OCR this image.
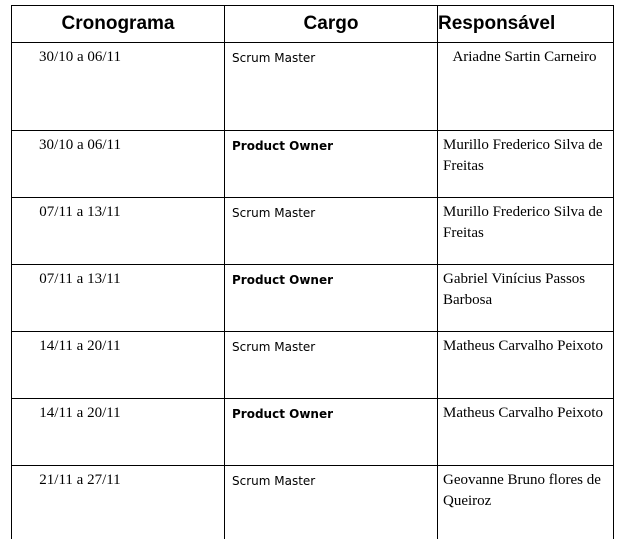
Cronograma	Cargo	Responsável
30/10 a 06/11	Scrum Master	Ariadne Sartin Carneiro
30/10 a 06/11	Product Owner	Murillo Frederico Silva de Freitas
07/11 a 13/11	Scrum Master	Murillo Frederico Silva de Freitas
07/11 a 13/11	Product Owner	Gabriel Vinícius Passos Barbosa
14/11 a 20/11	Scrum Master	Matheus Carvalho Peixoto
14/11 a 20/11	Product Owner	Matheus Carvalho Peixoto
21/11 a 27/11	Scrum Master	Geovanne Bruno flores de Queiroz
